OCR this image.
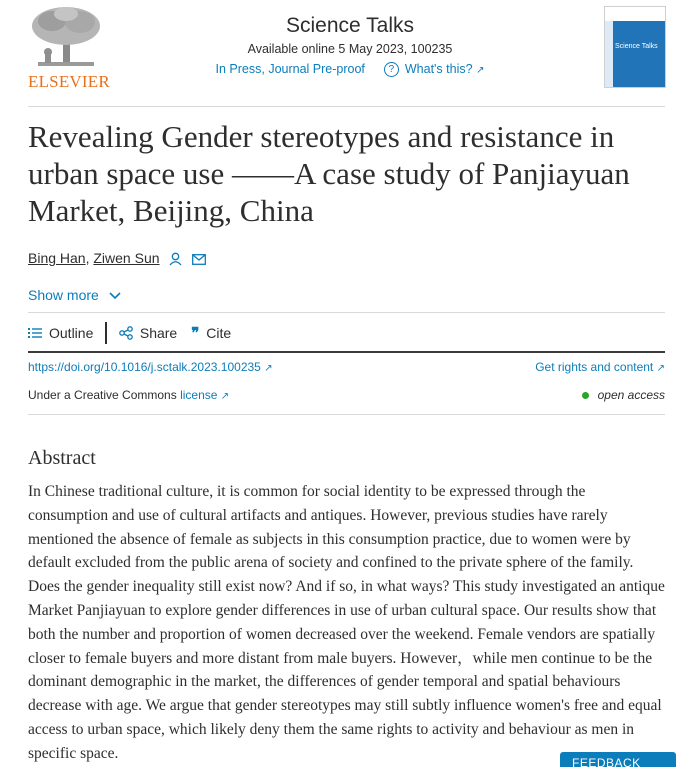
ELSEVIER
Science Talks
Available online 5 May 2023, 100235
In Press, Journal Pre-proof ? What's this? ↗
Science Talks
Revealing Gender stereotypes and resistance in urban space use ——A case study of Panjiayuan Market, Beijing, China
Bing Han, Ziwen Sun
Show more
Outline	Share ❞ Cite
https://doi.org/10.1016/j.sctalk.2023.100235 ↗	Get rights and content ↗
Under a Creative Commons license ↗	open access
Abstract

In Chinese traditional culture, it is common for social identity to be expressed through the consumption and use of cultural artifacts and antiques. However, previous studies have rarely mentioned the absence of female as subjects in this consumption practice, due to women were by default excluded from the public arena of society and confined to the private sphere of the family. Does the gender inequality still exist now? And if so, in what ways? This study investigated an antique Market Panjiayuan to explore gender differences in use of urban cultural space. Our results show that both the number and proportion of women decreased over the weekend. Female vendors are spatially closer to female buyers and more distant from male buyers. However，while men continue to be the dominant demographic in the market, the differences of gender temporal and spatial behaviours decrease with age. We argue that gender stereotypes may still subtly influence women's free and equal access to urban space, which likely deny them the same rights to activity and behaviour as men in specific space.

FEEDBACK
